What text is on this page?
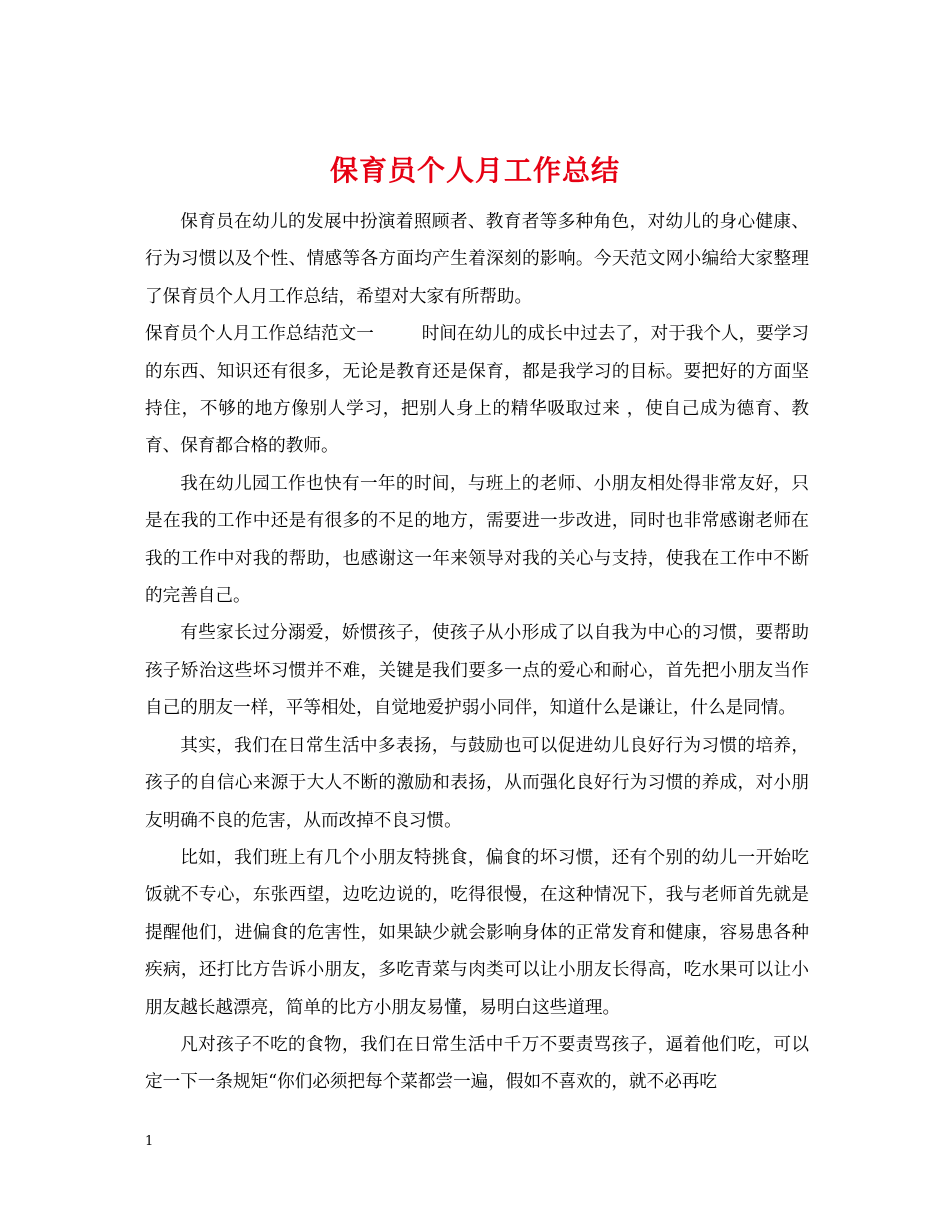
保育员个人月工作总结

保育员在幼儿的发展中扮演着照顾者、教育者等多种角色，对幼儿的身心健康、行为习惯以及个性、情感等各方面均产生着深刻的影响。今天范文网小编给大家整理了保育员个人月工作总结，希望对大家有所帮助。

保育员个人月工作总结范文一	时间在幼儿的成长中过去了，对于我个人，要学习的东西、知识还有很多，无论是教育还是保育，都是我学习的目标。要把好的方面坚持住，不够的地方像别人学习，把别人身上的精华吸取过来 ，使自己成为德育、教育、保育都合格的教师。

我在幼儿园工作也快有一年的时间，与班上的老师、小朋友相处得非常友好，只是在我的工作中还是有很多的不足的地方，需要进一步改进，同时也非常感谢老师在我的工作中对我的帮助，也感谢这一年来领导对我的关心与支持，使我在工作中不断的完善自己。

有些家长过分溺爱，娇惯孩子，使孩子从小形成了以自我为中心的习惯，要帮助孩子矫治这些坏习惯并不难，关键是我们要多一点的爱心和耐心，首先把小朋友当作自己的朋友一样，平等相处，自觉地爱护弱小同伴，知道什么是谦让，什么是同情。

其实，我们在日常生活中多表扬，与鼓励也可以促进幼儿良好行为习惯的培养，孩子的自信心来源于大人不断的激励和表扬，从而强化良好行为习惯的养成，对小朋友明确不良的危害，从而改掉不良习惯。

比如，我们班上有几个小朋友特挑食，偏食的坏习惯，还有个别的幼儿一开始吃饭就不专心，东张西望，边吃边说的，吃得很慢，在这种情况下，我与老师首先就是提醒他们，进偏食的危害性，如果缺少就会影响身体的正常发育和健康，容易患各种疾病，还打比方告诉小朋友，多吃青菜与肉类可以让小朋友长得高，吃水果可以让小朋友越长越漂亮，简单的比方小朋友易懂，易明白这些道理。

凡对孩子不吃的食物，我们在日常生活中千万不要责骂孩子，逼着他们吃，可以定一下一条规矩“你们必须把每个菜都尝一遍，假如不喜欢的，就不必再吃

1
